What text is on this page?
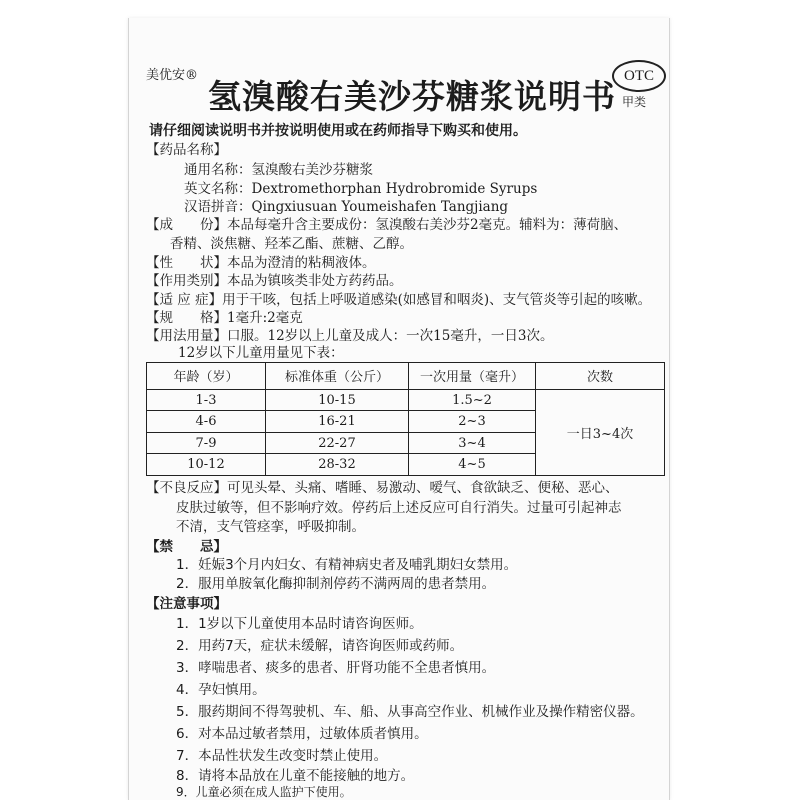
美优安®
氢溴酸右美沙芬糖浆说明书
OTC
甲类
请仔细阅读说明书并按说明使用或在药师指导下购买和使用。
【药品名称】
通用名称：氢溴酸右美沙芬糖浆
英文名称：Dextromethorphan Hydrobromide Syrups
汉语拼音：Qingxiusuan Youmeishafen Tangjiang
【成　　份】本品每毫升含主要成份：氢溴酸右美沙芬2毫克。辅料为：薄荷脑、
香精、淡焦糖、羟苯乙酯、蔗糖、乙醇。
【性　　状】本品为澄清的粘稠液体。
【作用类别】本品为镇咳类非处方药药品。
【适 应 症】用于干咳，包括上呼吸道感染(如感冒和咽炎)、支气管炎等引起的咳嗽。
【规　　格】1毫升:2毫克
【用法用量】口服。12岁以上儿童及成人：一次15毫升，一日3次。
12岁以下儿童用量见下表：
年龄（岁）	标准体重（公斤）	一次用量（毫升）	次数
1-3	10-15	1.5~2	一日3~4次
4-6	16-21	2~3	
7-9	22-27	3~4	
10-12	28-32	4~5	
【不良反应】可见头晕、头痛、嗜睡、易激动、嗳气、食欲缺乏、便秘、恶心、
皮肤过敏等，但不影响疗效。停药后上述反应可自行消失。过量可引起神志
不清，支气管痉挛，呼吸抑制。
【禁　　忌】
1．妊娠3个月内妇女、有精神病史者及哺乳期妇女禁用。
2．服用单胺氧化酶抑制剂停药不满两周的患者禁用。
【注意事项】
1．1岁以下儿童使用本品时请咨询医师。
2．用药7天，症状未缓解，请咨询医师或药师。
3．哮喘患者、痰多的患者、肝肾功能不全患者慎用。
4．孕妇慎用。
5．服药期间不得驾驶机、车、船、从事高空作业、机械作业及操作精密仪器。
6．对本品过敏者禁用，过敏体质者慎用。
7．本品性状发生改变时禁止使用。
8．请将本品放在儿童不能接触的地方。
9．儿童必须在成人监护下使用。
